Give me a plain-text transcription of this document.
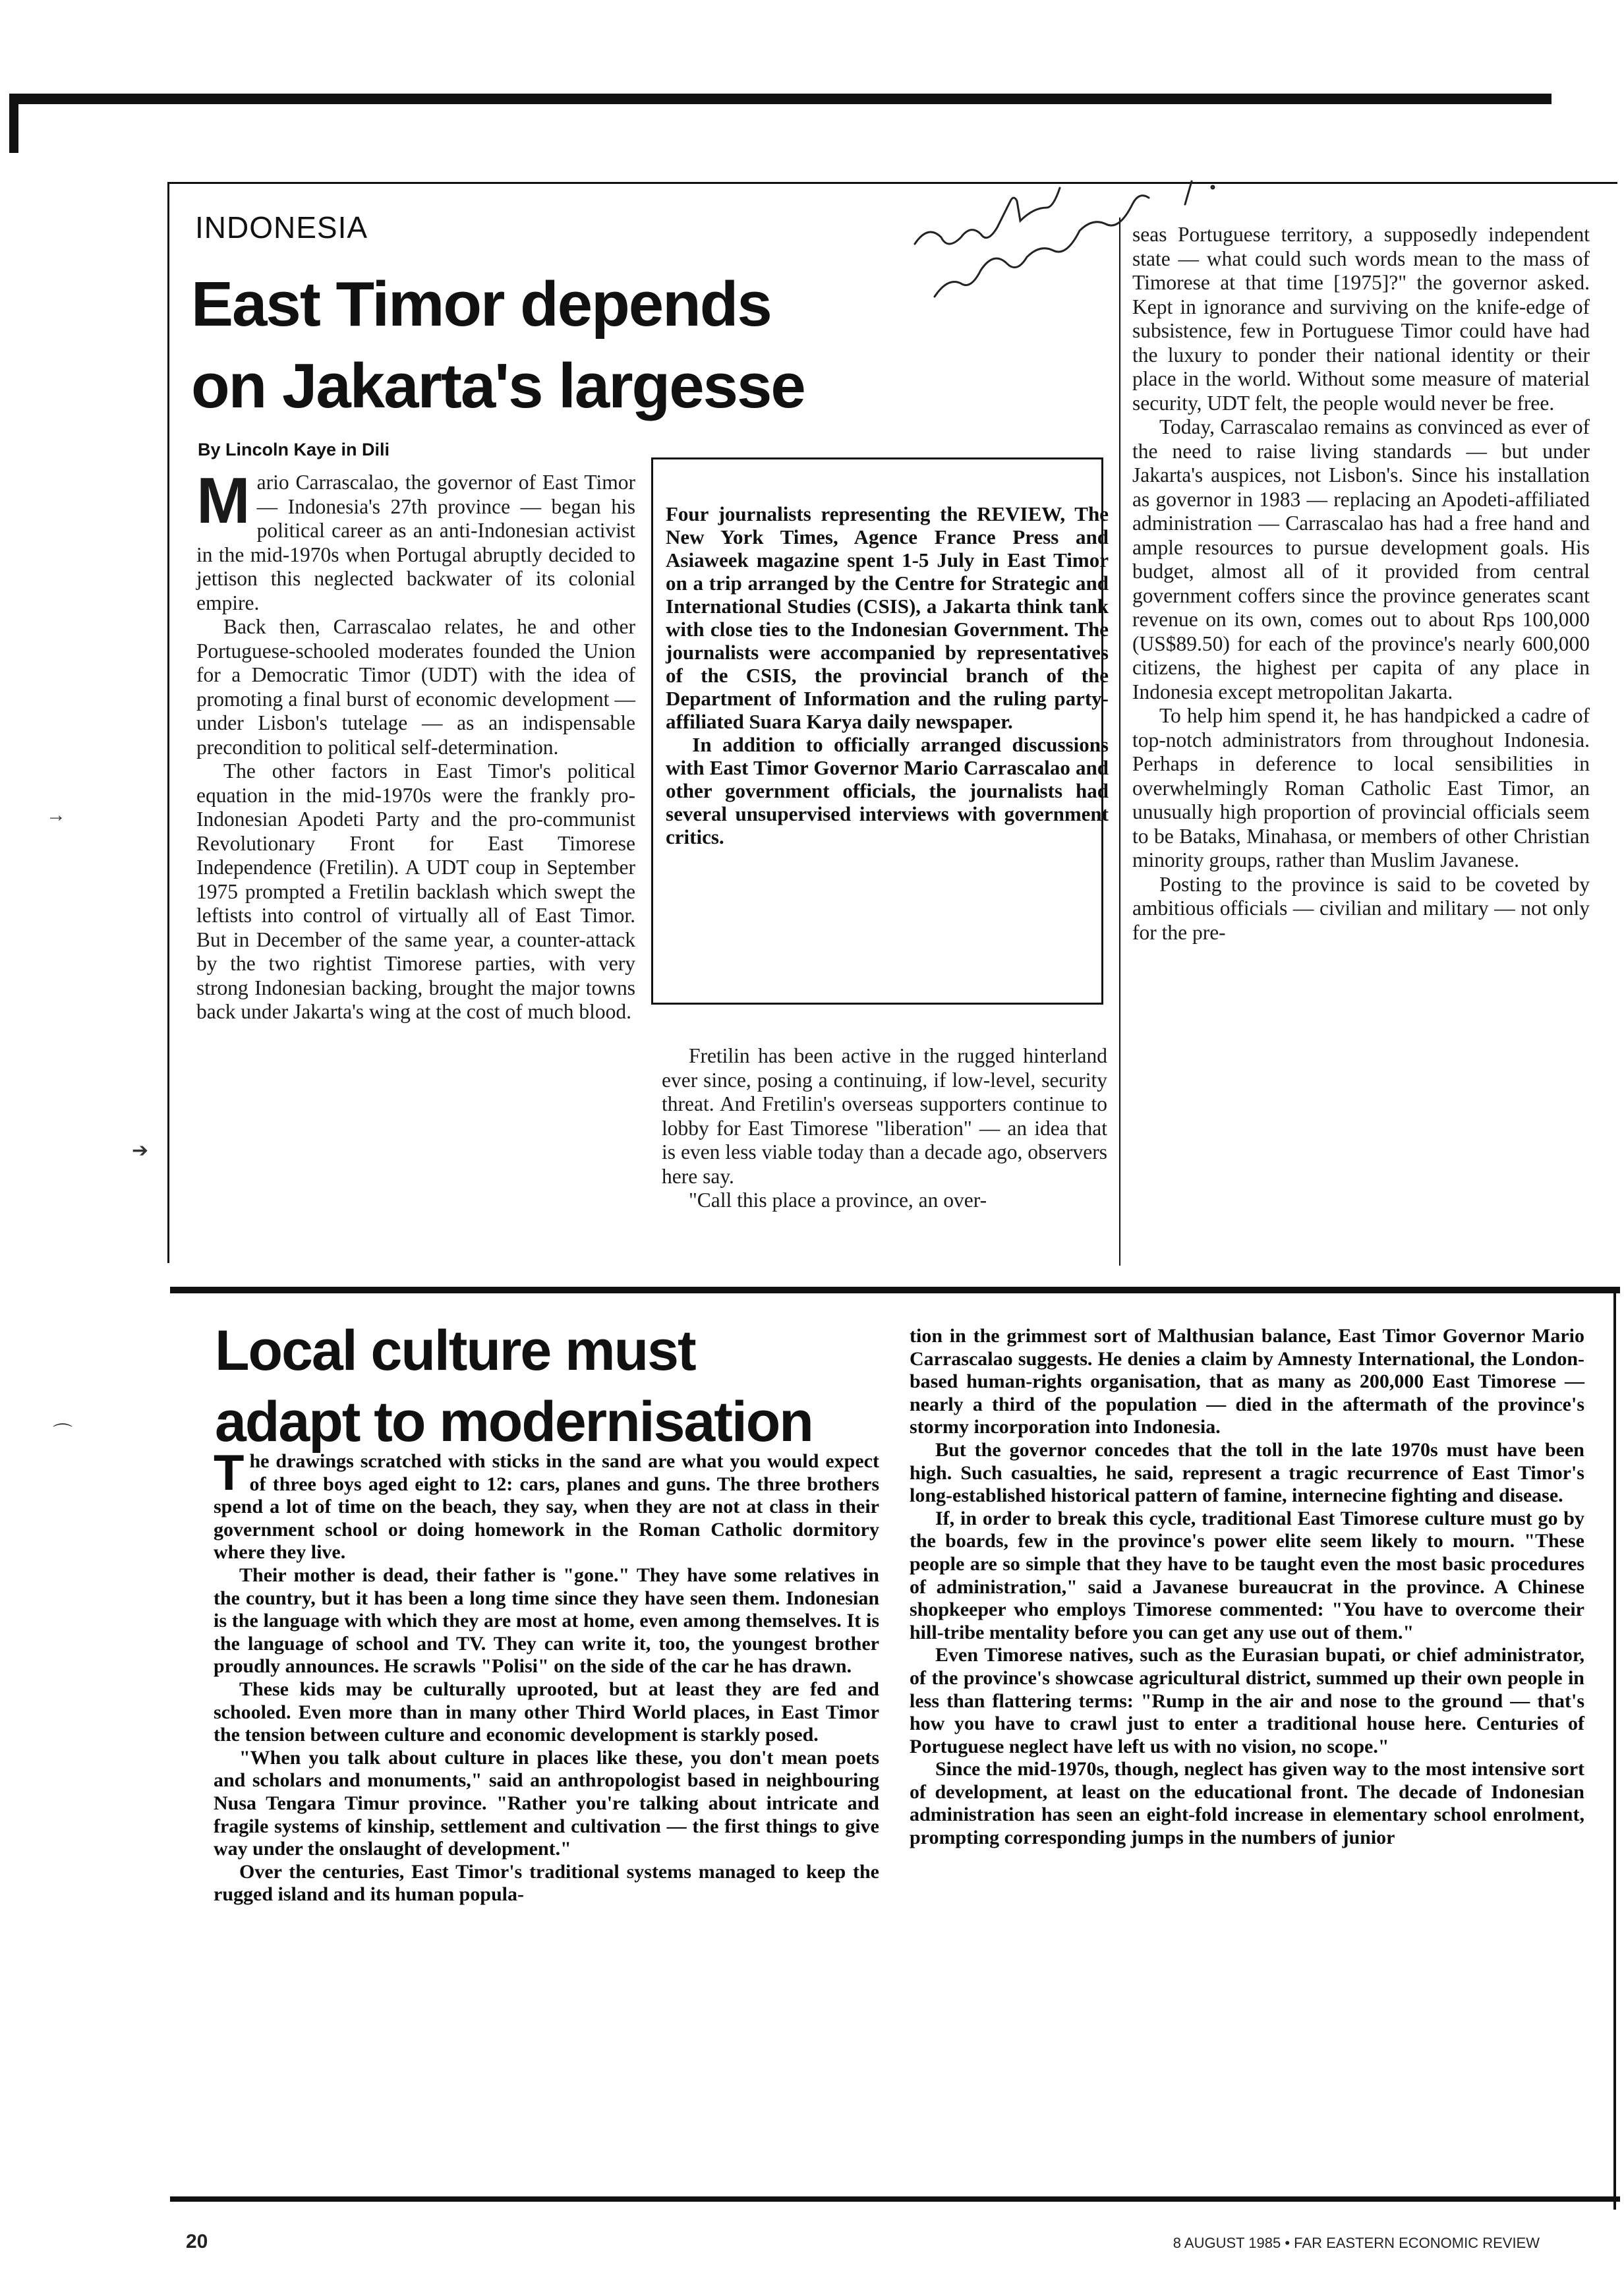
INDONESIA
East Timor depends
on Jakarta's largesse
By Lincoln Kaye in Dili

Mario Carrascalao, the governor of East Timor — Indonesia's 27th province — began his political career as an anti-Indonesian activist in the mid-1970s when Portugal abruptly decided to jettison this neglected backwater of its colonial empire.

Back then, Carrascalao relates, he and other Portuguese-schooled moderates founded the Union for a Democratic Timor (UDT) with the idea of promoting a final burst of economic development — under Lisbon's tutelage — as an indispensable precondition to political self-determination.

The other factors in East Timor's political equation in the mid-1970s were the frankly pro-Indonesian Apodeti Party and the pro-communist Revolutionary Front for East Timorese Independence (Fretilin). A UDT coup in September 1975 prompted a Fretilin backlash which swept the leftists into control of virtually all of East Timor. But in December of the same year, a counter-attack by the two rightist Timorese parties, with very strong Indonesian backing, brought the major towns back under Jakarta's wing at the cost of much blood.

Four journalists representing the REVIEW, The New York Times, Agence France Press and Asiaweek magazine spent 1-5 July in East Timor on a trip arranged by the Centre for Strategic and International Studies (CSIS), a Jakarta think tank with close ties to the Indonesian Government. The journalists were accompanied by representatives of the CSIS, the provincial branch of the Department of Information and the ruling party-affiliated Suara Karya daily newspaper.

In addition to officially arranged discussions with East Timor Governor Mario Carrascalao and other government officials, the journalists had several unsupervised interviews with government critics.

Fretilin has been active in the rugged hinterland ever since, posing a continuing, if low-level, security threat. And Fretilin's overseas supporters continue to lobby for East Timorese "liberation" — an idea that is even less viable today than a decade ago, observers here say.

"Call this place a province, an over-

seas Portuguese territory, a supposedly independent state — what could such words mean to the mass of Timorese at that time [1975]?" the governor asked. Kept in ignorance and surviving on the knife-edge of subsistence, few in Portuguese Timor could have had the luxury to ponder their national identity or their place in the world. Without some measure of material security, UDT felt, the people would never be free.

Today, Carrascalao remains as convinced as ever of the need to raise living standards — but under Jakarta's auspices, not Lisbon's. Since his installation as governor in 1983 — replacing an Apodeti-affiliated administration — Carrascalao has had a free hand and ample resources to pursue development goals. His budget, almost all of it provided from central government coffers since the province generates scant revenue on its own, comes out to about Rps 100,000 (US$89.50) for each of the province's nearly 600,000 citizens, the highest per capita of any place in Indonesia except metropolitan Jakarta.

To help him spend it, he has handpicked a cadre of top-notch administrators from throughout Indonesia. Perhaps in deference to local sensibilities in overwhelmingly Roman Catholic East Timor, an unusually high proportion of provincial officials seem to be Bataks, Minahasa, or members of other Christian minority groups, rather than Muslim Javanese.

Posting to the province is said to be coveted by ambitious officials — civilian and military — not only for the pre-

→
➔
⌒
Local culture must
adapt to modernisation

The drawings scratched with sticks in the sand are what you would expect of three boys aged eight to 12: cars, planes and guns. The three brothers spend a lot of time on the beach, they say, when they are not at class in their government school or doing homework in the Roman Catholic dormitory where they live.

Their mother is dead, their father is "gone." They have some relatives in the country, but it has been a long time since they have seen them. Indonesian is the language with which they are most at home, even among themselves. It is the language of school and TV. They can write it, too, the youngest brother proudly announces. He scrawls "Polisi" on the side of the car he has drawn.

These kids may be culturally uprooted, but at least they are fed and schooled. Even more than in many other Third World places, in East Timor the tension between culture and economic development is starkly posed.

"When you talk about culture in places like these, you don't mean poets and scholars and monuments," said an anthropologist based in neighbouring Nusa Tengara Timur province. "Rather you're talking about intricate and fragile systems of kinship, settlement and cultivation — the first things to give way under the onslaught of development."

Over the centuries, East Timor's traditional systems managed to keep the rugged island and its human popula-

tion in the grimmest sort of Malthusian balance, East Timor Governor Mario Carrascalao suggests. He denies a claim by Amnesty International, the London-based human-rights organisation, that as many as 200,000 East Timorese — nearly a third of the population — died in the aftermath of the province's stormy incorporation into Indonesia.

But the governor concedes that the toll in the late 1970s must have been high. Such casualties, he said, represent a tragic recurrence of East Timor's long-established historical pattern of famine, internecine fighting and disease.

If, in order to break this cycle, traditional East Timorese culture must go by the boards, few in the province's power elite seem likely to mourn. "These people are so simple that they have to be taught even the most basic procedures of administration," said a Javanese bureaucrat in the province. A Chinese shopkeeper who employs Timorese commented: "You have to overcome their hill-tribe mentality before you can get any use out of them."

Even Timorese natives, such as the Eurasian bupati, or chief administrator, of the province's showcase agricultural district, summed up their own people in less than flattering terms: "Rump in the air and nose to the ground — that's how you have to crawl just to enter a traditional house here. Centuries of Portuguese neglect have left us with no vision, no scope."

Since the mid-1970s, though, neglect has given way to the most intensive sort of development, at least on the educational front. The decade of Indonesian administration has seen an eight-fold increase in elementary school enrolment, prompting corresponding jumps in the numbers of junior

20	8 AUGUST 1985 • FAR EASTERN ECONOMIC REVIEW
